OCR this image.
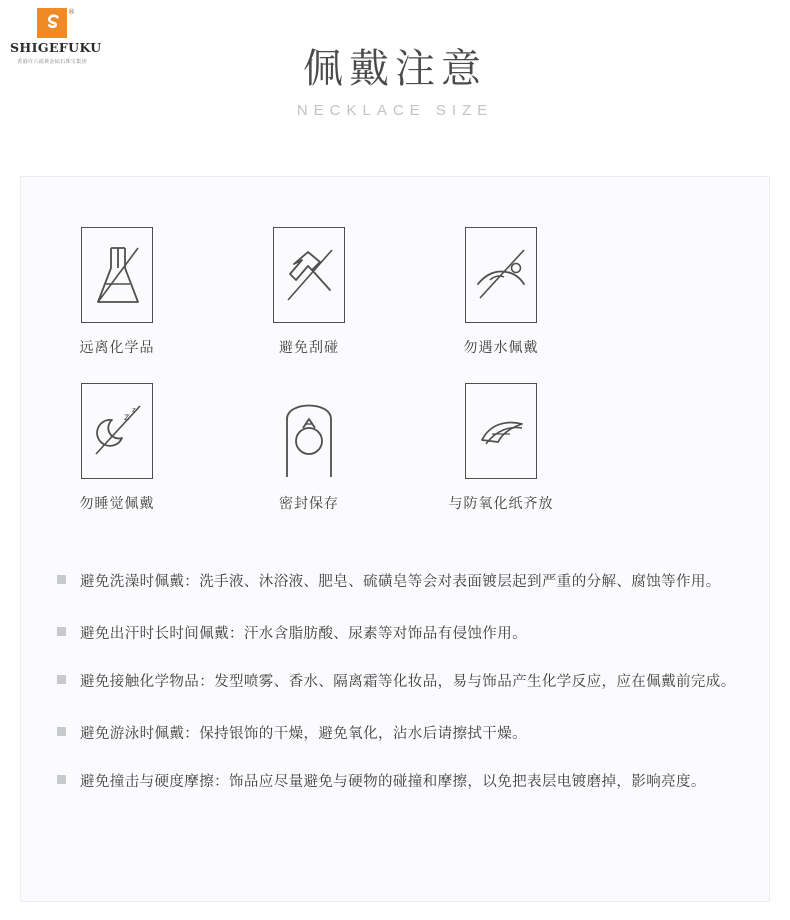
®
SHIGEFUKU
香港许六福黄金钻石珠宝集团	佩戴注意
NECKLACE SIZE
远离化学品	避免刮碰	勿遇水佩戴
z
z
勿睡觉佩戴	密封保存	与防氧化纸齐放
避免洗澡时佩戴：洗手液、沐浴液、肥皂、硫磺皂等会对表面镀层起到严重的分解、腐蚀等作用。
避免出汗时长时间佩戴：汗水含脂肪酸、尿素等对饰品有侵蚀作用。
避免接触化学物品：发型喷雾、香水、隔离霜等化妆品，易与饰品产生化学反应，应在佩戴前完成。
避免游泳时佩戴：保持银饰的干燥，避免氧化，沾水后请擦拭干燥。
避免撞击与硬度摩擦：饰品应尽量避免与硬物的碰撞和摩擦，以免把表层电镀磨掉，影响亮度。
